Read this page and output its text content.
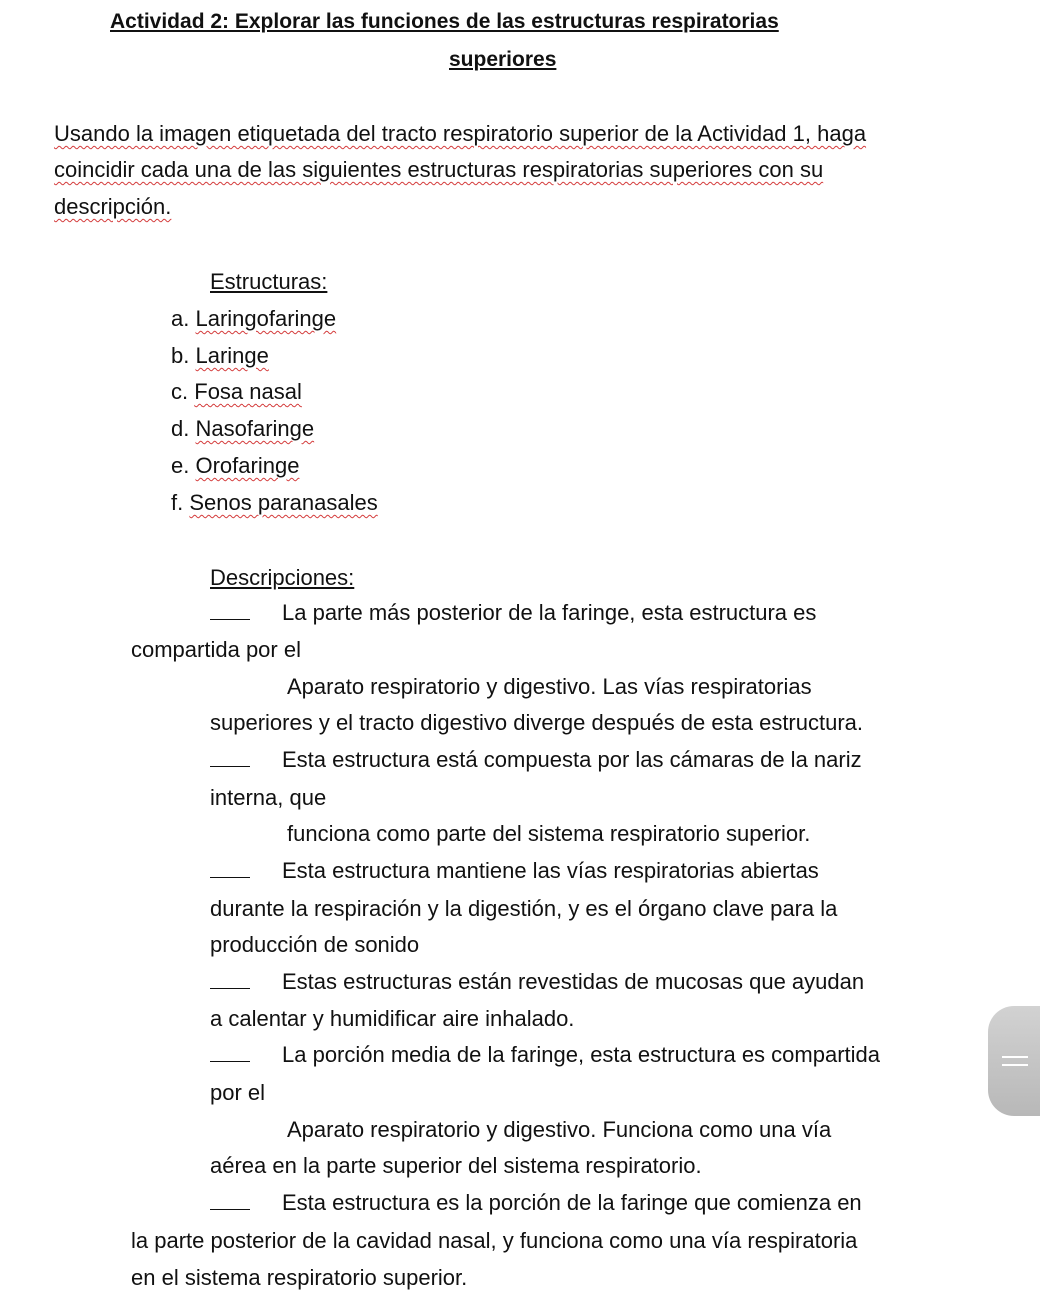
Actividad 2: Explorar las funciones de las estructuras respiratorias
superiores
Usando la imagen etiquetada del tracto respiratorio superior de la Actividad 1, haga
coincidir cada una de las siguientes estructuras respiratorias superiores con su
descripción.
Estructuras:
a. Laringofaringe
b. Laringe
c. Fosa nasal
d. Nasofaringe
e. Orofaringe
f. Senos paranasales
Descripciones:
La parte más posterior de la faringe, esta estructura es
compartida por el
Aparato respiratorio y digestivo. Las vías respiratorias
superiores y el tracto digestivo diverge después de esta estructura.
Esta estructura está compuesta por las cámaras de la nariz
interna, que
funciona como parte del sistema respiratorio superior.
Esta estructura mantiene las vías respiratorias abiertas
durante la respiración y la digestión, y es el órgano clave para la
producción de sonido
Estas estructuras están revestidas de mucosas que ayudan
a calentar y humidificar aire inhalado.
La porción media de la faringe, esta estructura es compartida
por el
Aparato respiratorio y digestivo. Funciona como una vía
aérea en la parte superior del sistema respiratorio.
Esta estructura es la porción de la faringe que comienza en
la parte posterior de la cavidad nasal, y funciona como una vía respiratoria
en el sistema respiratorio superior.
